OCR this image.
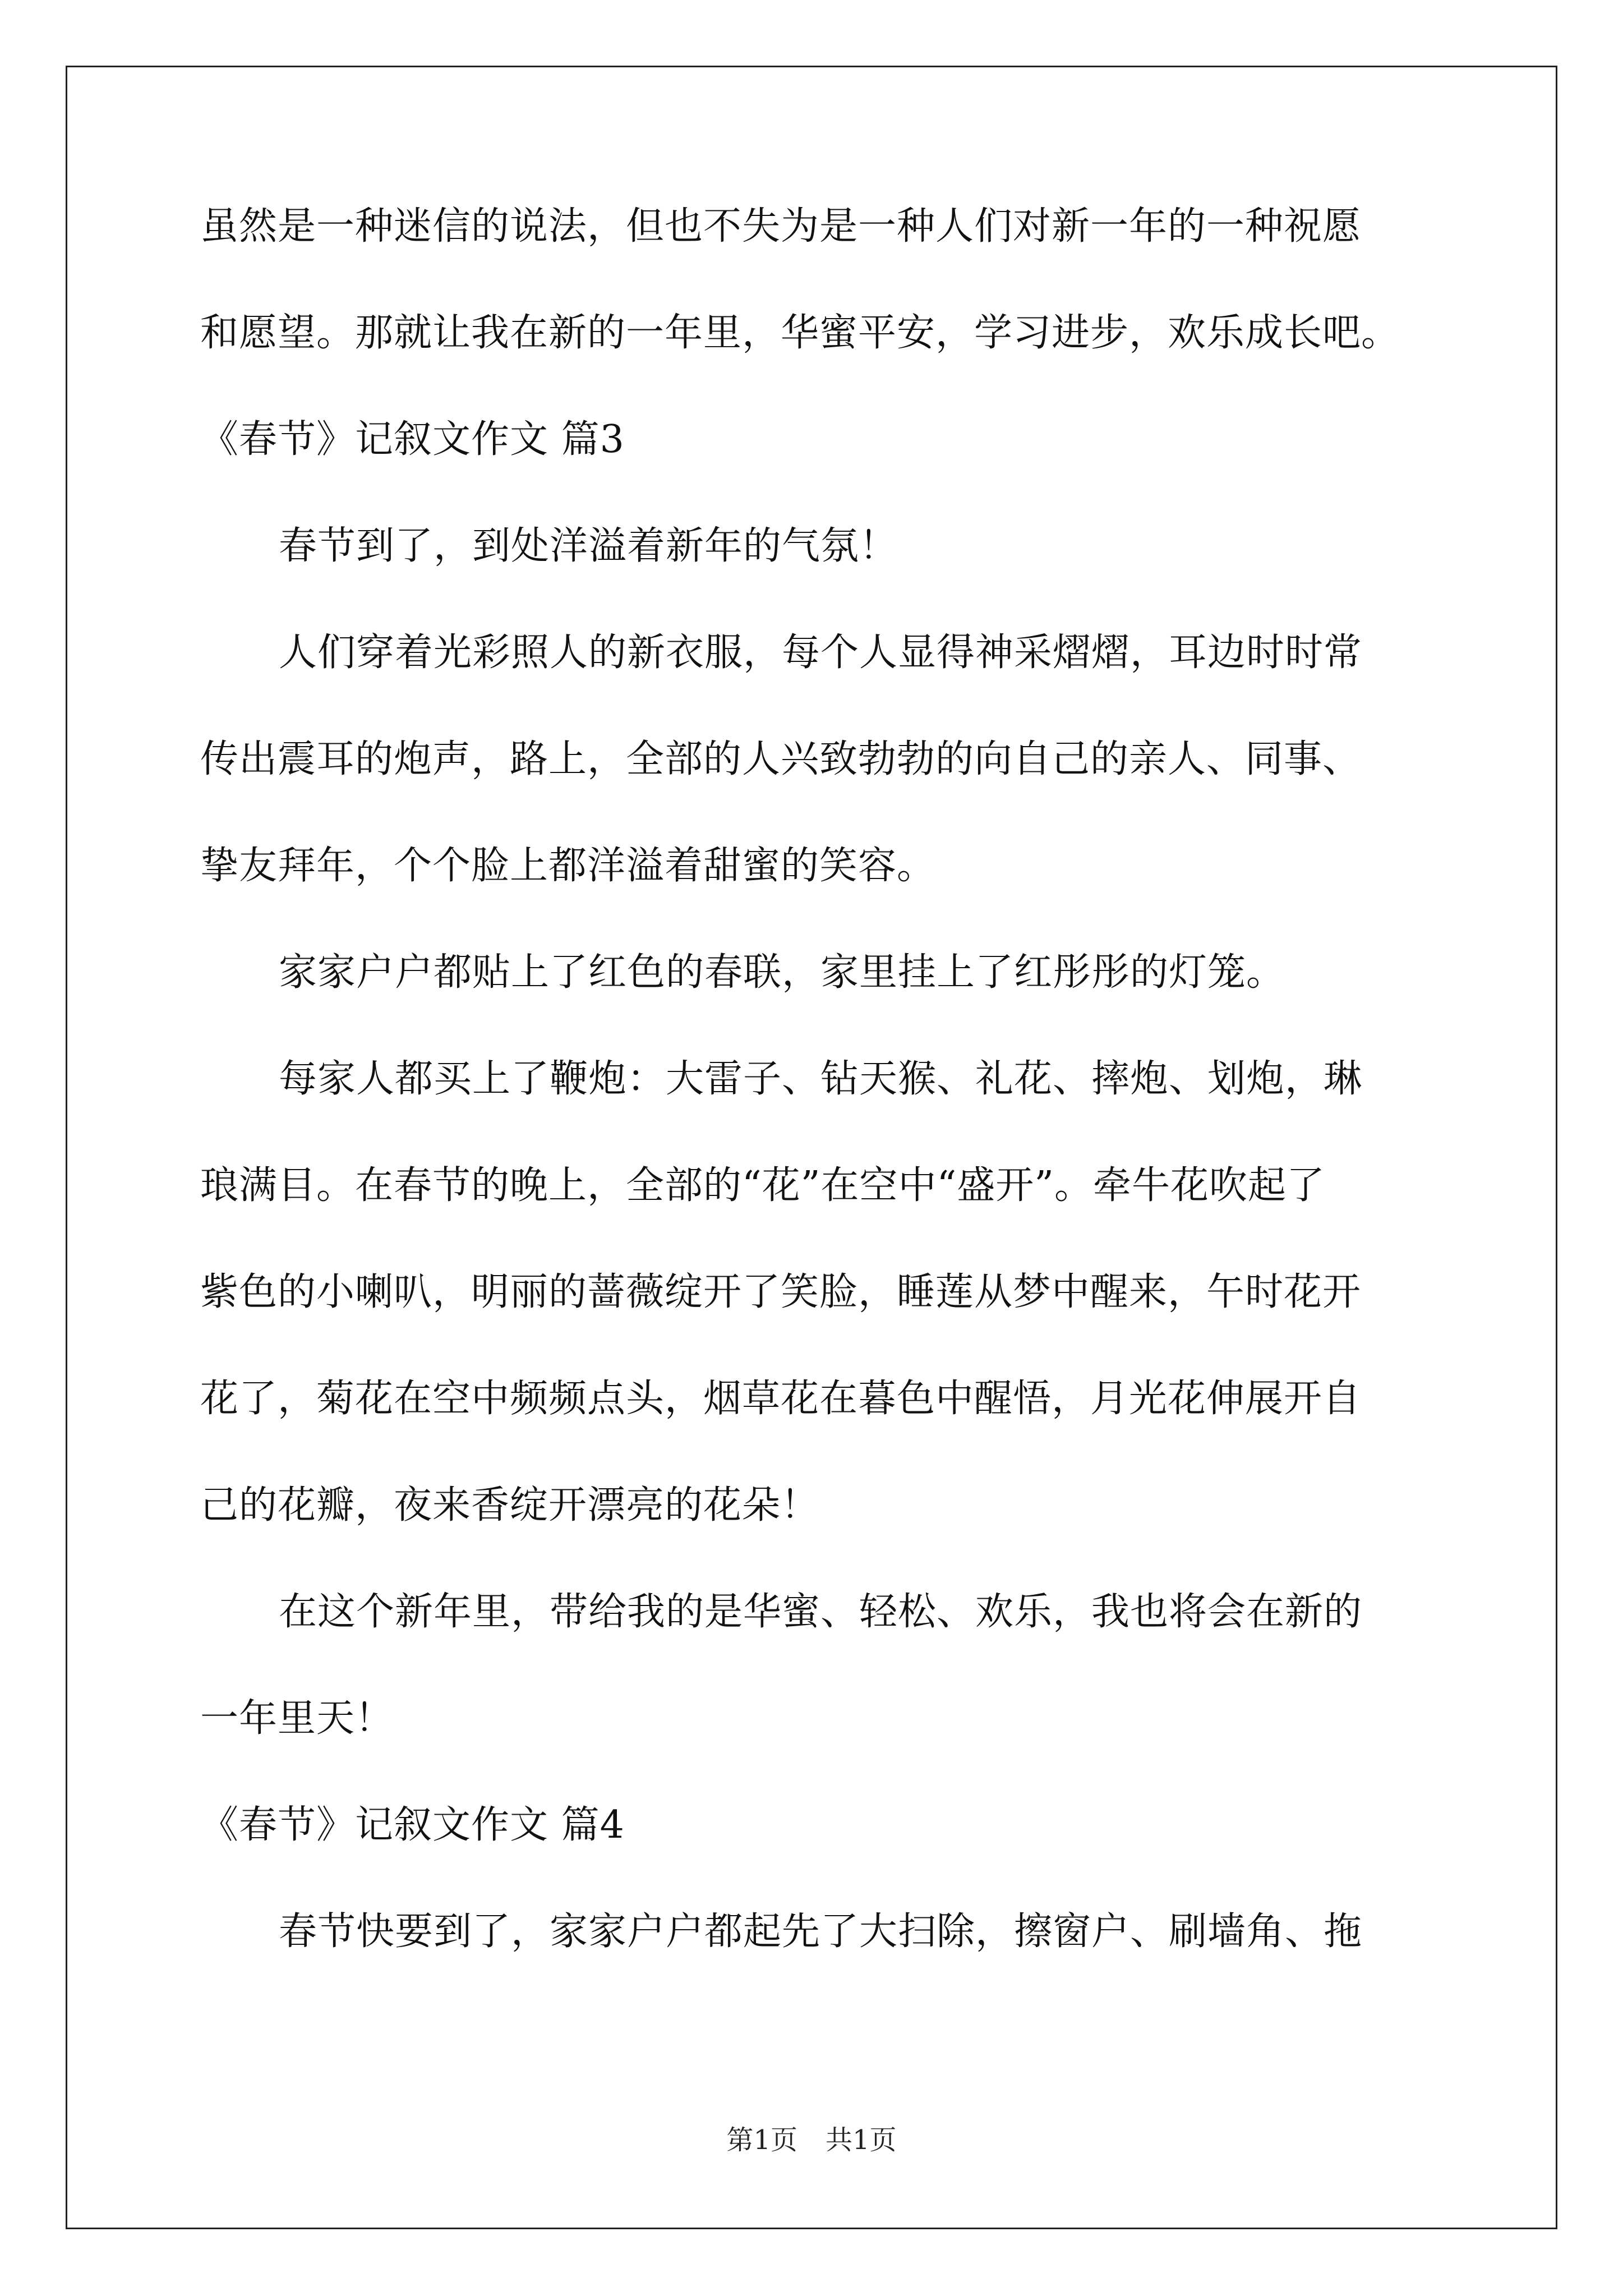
虽然是一种迷信的说法，但也不失为是一种人们对新一年的一种祝愿
和愿望。那就让我在新的一年里，华蜜平安，学习进步，欢乐成长吧。
《春节》记叙文作文 篇3
春节到了，到处洋溢着新年的气氛！
人们穿着光彩照人的新衣服，每个人显得神采熠熠，耳边时时常
传出震耳的炮声，路上，全部的人兴致勃勃的向自己的亲人、同事、
挚友拜年，个个脸上都洋溢着甜蜜的笑容。
家家户户都贴上了红色的春联，家里挂上了红彤彤的灯笼。
每家人都买上了鞭炮：大雷子、钻天猴、礼花、摔炮、划炮，琳
琅满目。在春节的晚上，全部的“花”在空中“盛开”。牵牛花吹起了
紫色的小喇叭，明丽的蔷薇绽开了笑脸，睡莲从梦中醒来，午时花开
花了，菊花在空中频频点头，烟草花在暮色中醒悟，月光花伸展开自
己的花瓣，夜来香绽开漂亮的花朵！
在这个新年里，带给我的是华蜜、轻松、欢乐，我也将会在新的
一年里天！
《春节》记叙文作文 篇4
春节快要到了，家家户户都起先了大扫除，擦窗户、刷墙角、拖
第1页 共1页
